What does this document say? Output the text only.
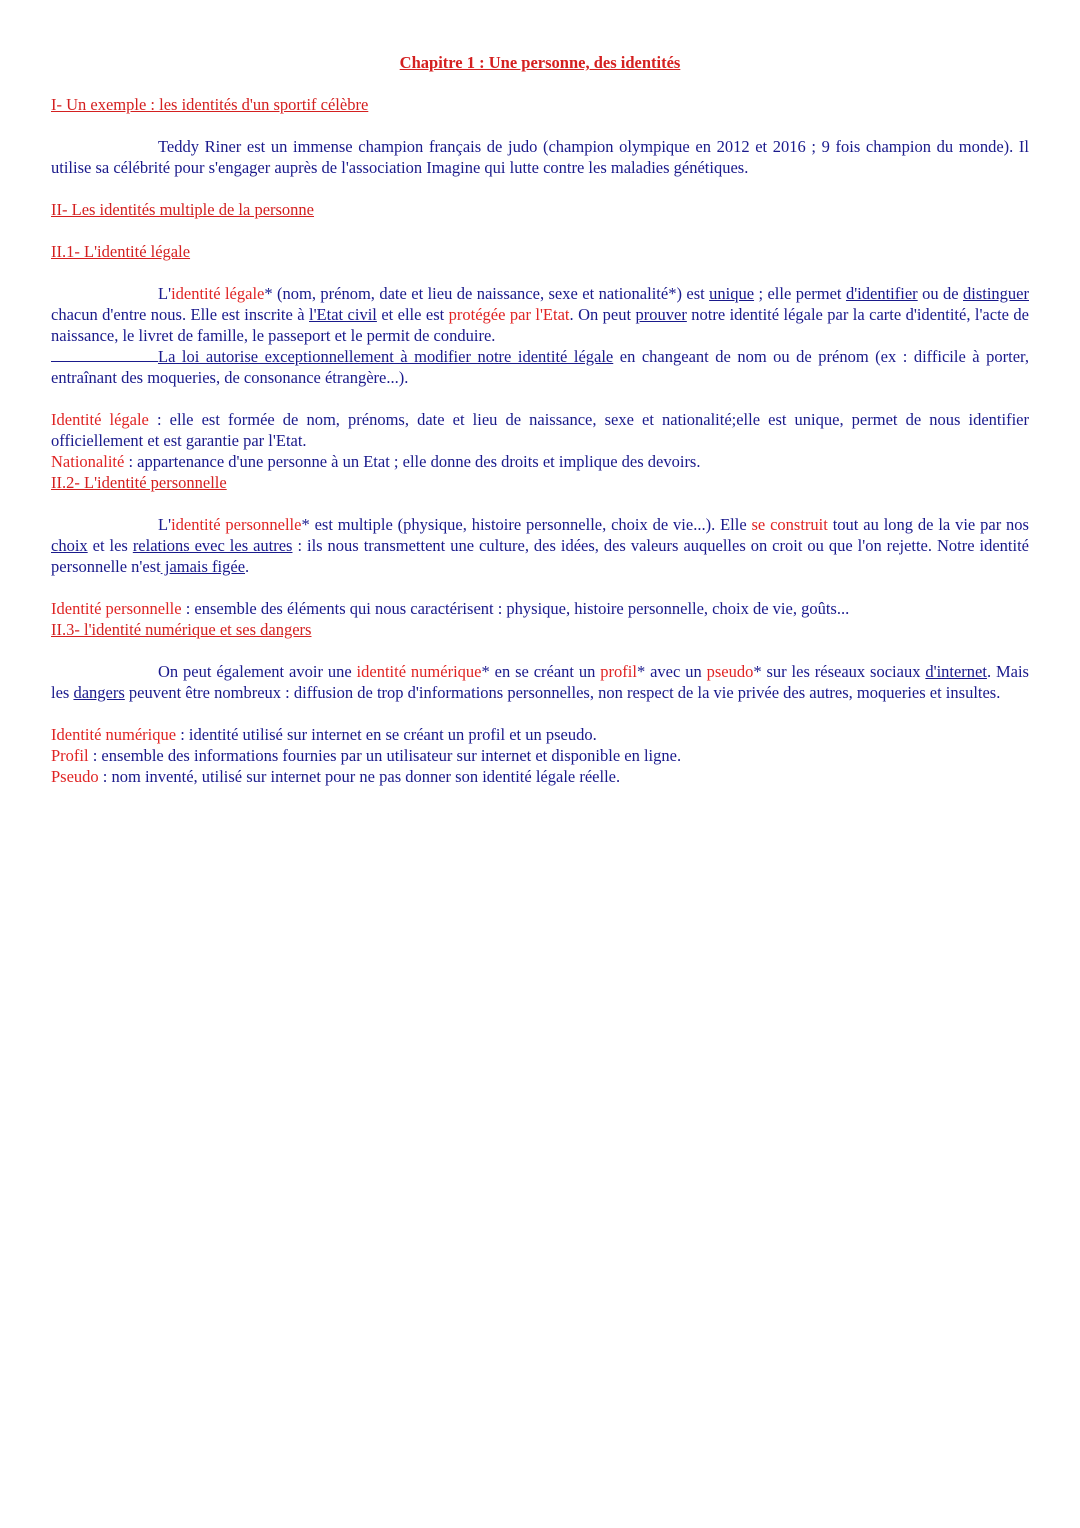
Chapitre 1 : Une personne, des identités
I- Un exemple : les identités d'un sportif célèbre

Teddy Riner est un immense champion français de judo (champion olympique en 2012 et 2016 ; 9 fois champion du monde). Il utilise sa célébrité pour s'engager auprès de l'association Imagine qui lutte contre les maladies génétiques.

II- Les identités multiple de la personne
II.1- L'identité légale

L'identité légale* (nom, prénom, date et lieu de naissance, sexe et nationalité*) est unique ; elle permet d'identifier ou de distinguer chacun d'entre nous. Elle est inscrite à l'Etat civil et elle est protégée par l'Etat. On peut prouver notre identité légale par la carte d'identité, l'acte de naissance, le livret de famille, le passeport et le permit de conduire.

La loi autorise exceptionnellement à modifier notre identité légale en changeant de nom ou de prénom (ex : difficile à porter, entraînant des moqueries, de consonance étrangère...).

Identité légale : elle est formée de nom, prénoms, date et lieu de naissance, sexe et nationalité;elle est unique, permet de nous identifier officiellement et est garantie par l'Etat.

Nationalité : appartenance d'une personne à un Etat ; elle donne des droits et implique des devoirs.

II.2- L'identité personnelle

L'identité personnelle* est multiple (physique, histoire personnelle, choix de vie...). Elle se construit tout au long de la vie par nos choix et les relations evec les autres : ils nous transmettent une culture, des idées, des valeurs auquelles on croit ou que l'on rejette. Notre identité personnelle n'est jamais figée.

Identité personnelle : ensemble des éléments qui nous caractérisent : physique, histoire personnelle, choix de vie, goûts...

II.3- l'identité numérique et ses dangers

On peut également avoir une identité numérique* en se créant un profil* avec un pseudo* sur les réseaux sociaux d'internet. Mais les dangers peuvent être nombreux : diffusion de trop d'informations personnelles, non respect de la vie privée des autres, moqueries et insultes.

Identité numérique : identité utilisé sur internet en se créant un profil et un pseudo.

Profil : ensemble des informations fournies par un utilisateur sur internet et disponible en ligne.

Pseudo : nom inventé, utilisé sur internet pour ne pas donner son identité légale réelle.
